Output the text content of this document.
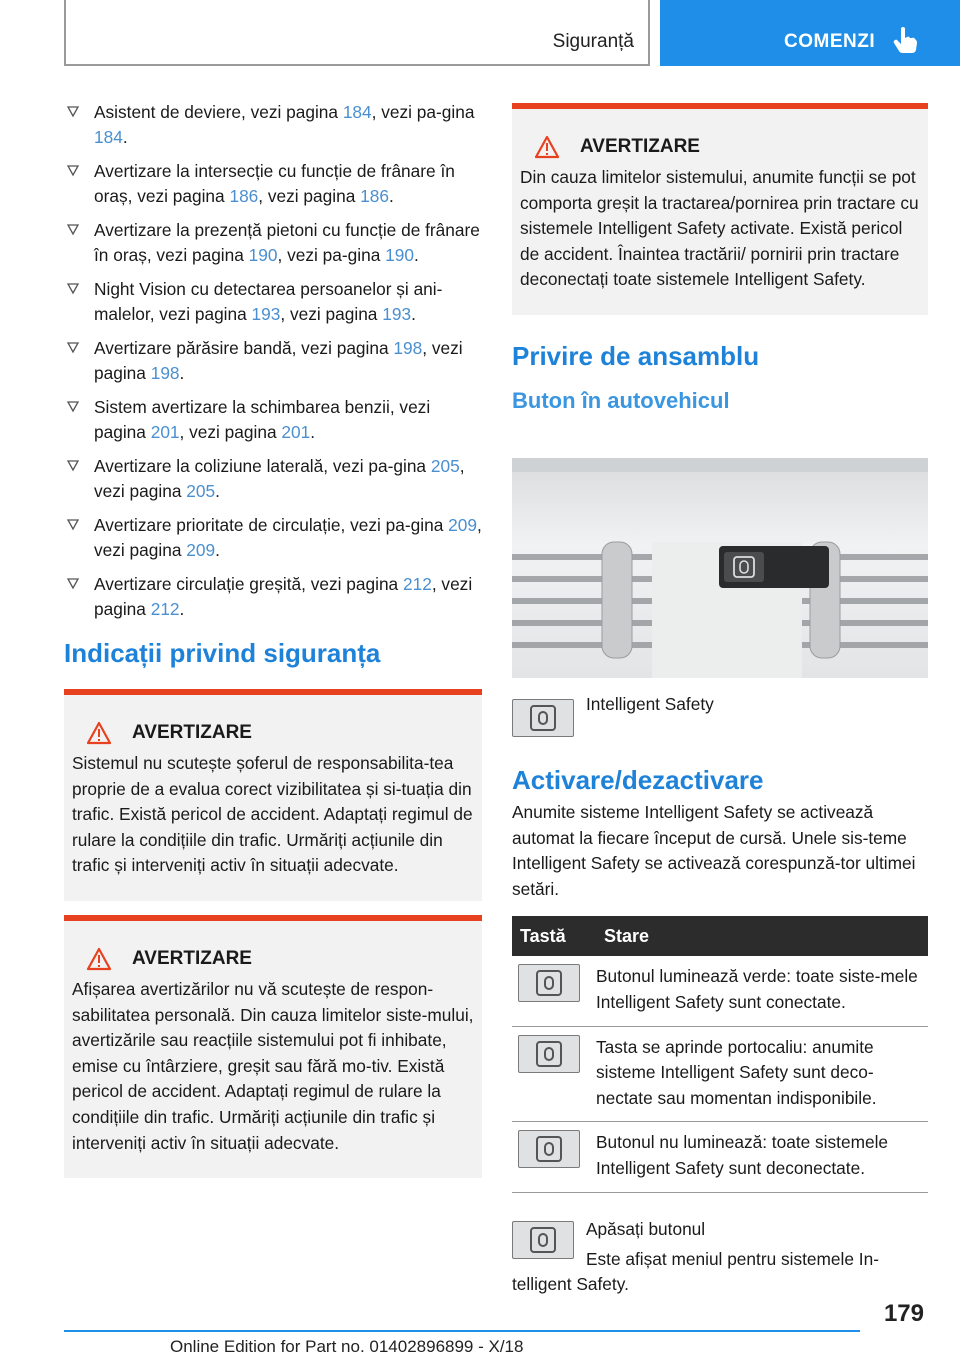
Siguranță	COMENZI
Asistent de deviere, vezi pagina 184, vezi pa-gina 184.
Avertizare la intersecție cu funcție de frânare în oraș, vezi pagina 186, vezi pagina 186.
Avertizare la prezență pietoni cu funcție de frânare în oraș, vezi pagina 190, vezi pa-gina 190.
Night Vision cu detectarea persoanelor și ani-malelor, vezi pagina 193, vezi pagina 193.
Avertizare părăsire bandă, vezi pagina 198, vezi pagina 198.
Sistem avertizare la schimbarea benzii, vezi pagina 201, vezi pagina 201.
Avertizare la coliziune laterală, vezi pa-gina 205, vezi pagina 205.
Avertizare prioritate de circulație, vezi pa-gina 209, vezi pagina 209.
Avertizare circulație greșită, vezi pagina 212, vezi pagina 212.
Indicații privind siguranța
AVERTIZARE
Sistemul nu scutește șoferul de responsabilita-tea proprie de a evalua corect vizibilitatea și si-tuația din trafic. Există pericol de accident. Adaptați regimul de rulare la condițiile din trafic. Urmăriți acțiunile din trafic și interveniți activ în situații adecvate.
AVERTIZARE
Afișarea avertizărilor nu vă scutește de respon-sabilitatea personală. Din cauza limitelor siste-mului, avertizările sau reacțiile sistemului pot fi inhibate, emise cu întârziere, greșit sau fără mo-tiv. Există pericol de accident. Adaptați regimul de rulare la condițiile din trafic. Urmăriți acțiunile din trafic și interveniți activ în situații adecvate.
AVERTIZARE
Din cauza limitelor sistemului, anumite funcții se pot comporta greșit la tractarea/pornirea prin tractare cu sistemele Intelligent Safety activate. Există pericol de accident. Înaintea tractării/ pornirii prin tractare deconectați toate sistemele Intelligent Safety.
Privire de ansamblu
Buton în autovehicul
Intelligent Safety
Activare/dezactivare
Anumite sisteme Intelligent Safety se activează automat la fiecare început de cursă. Unele sis-teme Intelligent Safety se activează corespunză-tor ultimei setări.
Tastă	Stare

	Butonul luminează verde: toate siste-mele Intelligent Safety sunt conectate.

	Tasta se aprinde portocaliu: anumite sisteme Intelligent Safety sunt deco-nectate sau momentan indisponibile.

	Butonul nu luminează: toate sistemele Intelligent Safety sunt deconectate.
Apăsați butonul
Este afișat meniul pentru sistemele In-telligent Safety.
179
Online Edition for Part no. 01402896899 - X/18
